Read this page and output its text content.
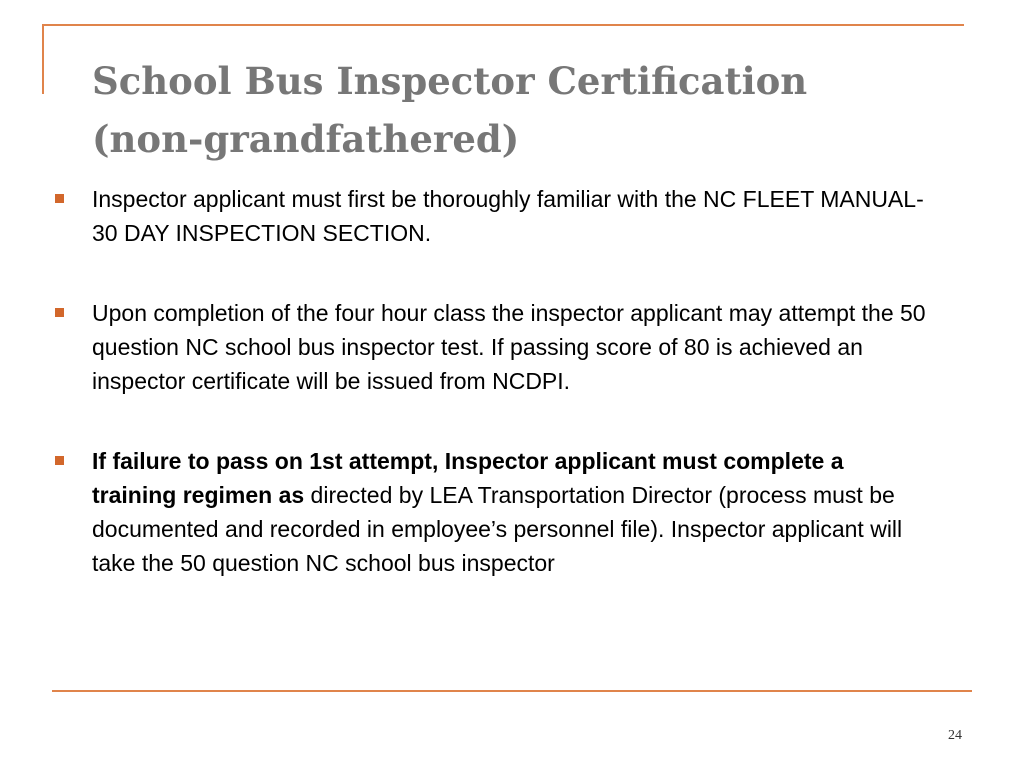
School Bus Inspector Certification
(non-grandfathered)
Inspector applicant must first be thoroughly familiar with the NC FLEET MANUAL- 30 DAY INSPECTION SECTION.
Upon completion of the four hour class the inspector applicant may attempt the 50 question NC school bus inspector test. If passing score of 80 is achieved an inspector certificate will be issued from NCDPI.
If failure to pass on 1st attempt, Inspector applicant must complete a training regimen as directed by LEA Transportation Director (process must be documented and recorded in employee’s personnel file). Inspector applicant will take the 50 question NC school bus inspector
24
